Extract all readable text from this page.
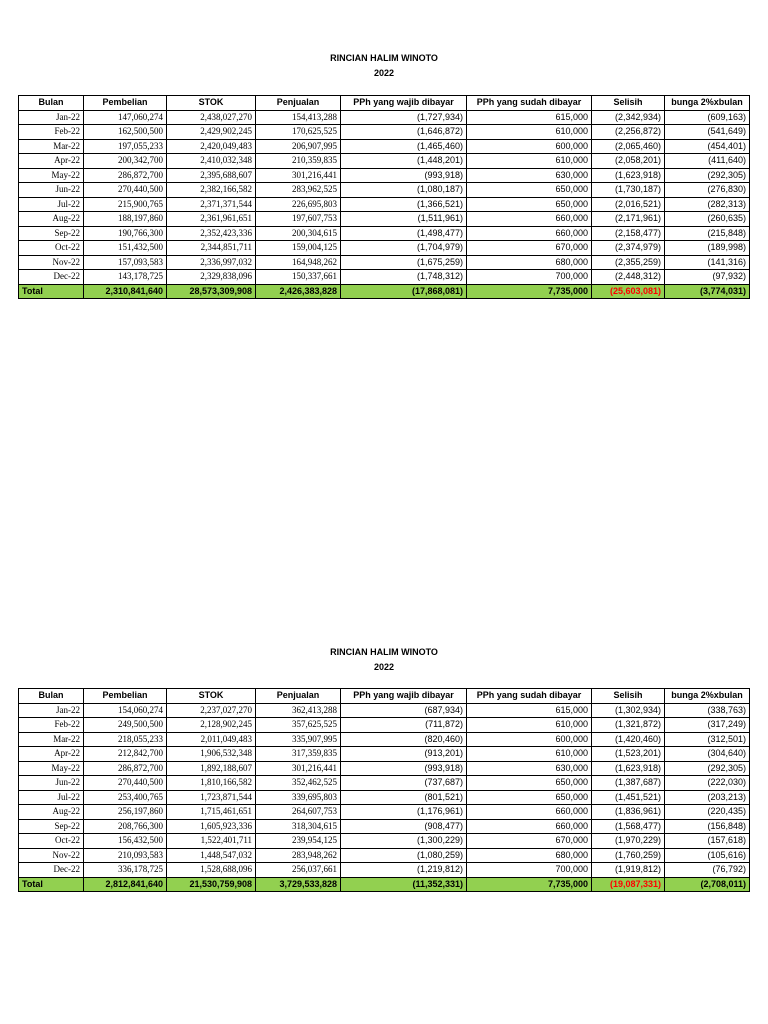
RINCIAN HALIM WINOTO
2022
Bulan	Pembelian	STOK	Penjualan	PPh yang wajib dibayar	PPh yang sudah dibayar	Selisih	bunga 2%xbulan
Jan-22	147,060,274	2,438,027,270	154,413,288	(1,727,934)	615,000	(2,342,934)	(609,163)
Feb-22	162,500,500	2,429,902,245	170,625,525	(1,646,872)	610,000	(2,256,872)	(541,649)
Mar-22	197,055,233	2,420,049,483	206,907,995	(1,465,460)	600,000	(2,065,460)	(454,401)
Apr-22	200,342,700	2,410,032,348	210,359,835	(1,448,201)	610,000	(2,058,201)	(411,640)
May-22	286,872,700	2,395,688,607	301,216,441	(993,918)	630,000	(1,623,918)	(292,305)
Jun-22	270,440,500	2,382,166,582	283,962,525	(1,080,187)	650,000	(1,730,187)	(276,830)
Jul-22	215,900,765	2,371,371,544	226,695,803	(1,366,521)	650,000	(2,016,521)	(282,313)
Aug-22	188,197,860	2,361,961,651	197,607,753	(1,511,961)	660,000	(2,171,961)	(260,635)
Sep-22	190,766,300	2,352,423,336	200,304,615	(1,498,477)	660,000	(2,158,477)	(215,848)
Oct-22	151,432,500	2,344,851,711	159,004,125	(1,704,979)	670,000	(2,374,979)	(189,998)
Nov-22	157,093,583	2,336,997,032	164,948,262	(1,675,259)	680,000	(2,355,259)	(141,316)
Dec-22	143,178,725	2,329,838,096	150,337,661	(1,748,312)	700,000	(2,448,312)	(97,932)
Total	2,310,841,640	28,573,309,908	2,426,383,828	(17,868,081)	7,735,000	(25,603,081)	(3,774,031)
RINCIAN HALIM WINOTO
2022
Bulan	Pembelian	STOK	Penjualan	PPh yang wajib dibayar	PPh yang sudah dibayar	Selisih	bunga 2%xbulan
Jan-22	154,060,274	2,237,027,270	362,413,288	(687,934)	615,000	(1,302,934)	(338,763)
Feb-22	249,500,500	2,128,902,245	357,625,525	(711,872)	610,000	(1,321,872)	(317,249)
Mar-22	218,055,233	2,011,049,483	335,907,995	(820,460)	600,000	(1,420,460)	(312,501)
Apr-22	212,842,700	1,906,532,348	317,359,835	(913,201)	610,000	(1,523,201)	(304,640)
May-22	286,872,700	1,892,188,607	301,216,441	(993,918)	630,000	(1,623,918)	(292,305)
Jun-22	270,440,500	1,810,166,582	352,462,525	(737,687)	650,000	(1,387,687)	(222,030)
Jul-22	253,400,765	1,723,871,544	339,695,803	(801,521)	650,000	(1,451,521)	(203,213)
Aug-22	256,197,860	1,715,461,651	264,607,753	(1,176,961)	660,000	(1,836,961)	(220,435)
Sep-22	208,766,300	1,605,923,336	318,304,615	(908,477)	660,000	(1,568,477)	(156,848)
Oct-22	156,432,500	1,522,401,711	239,954,125	(1,300,229)	670,000	(1,970,229)	(157,618)
Nov-22	210,093,583	1,448,547,032	283,948,262	(1,080,259)	680,000	(1,760,259)	(105,616)
Dec-22	336,178,725	1,528,688,096	256,037,661	(1,219,812)	700,000	(1,919,812)	(76,792)
Total	2,812,841,640	21,530,759,908	3,729,533,828	(11,352,331)	7,735,000	(19,087,331)	(2,708,011)
